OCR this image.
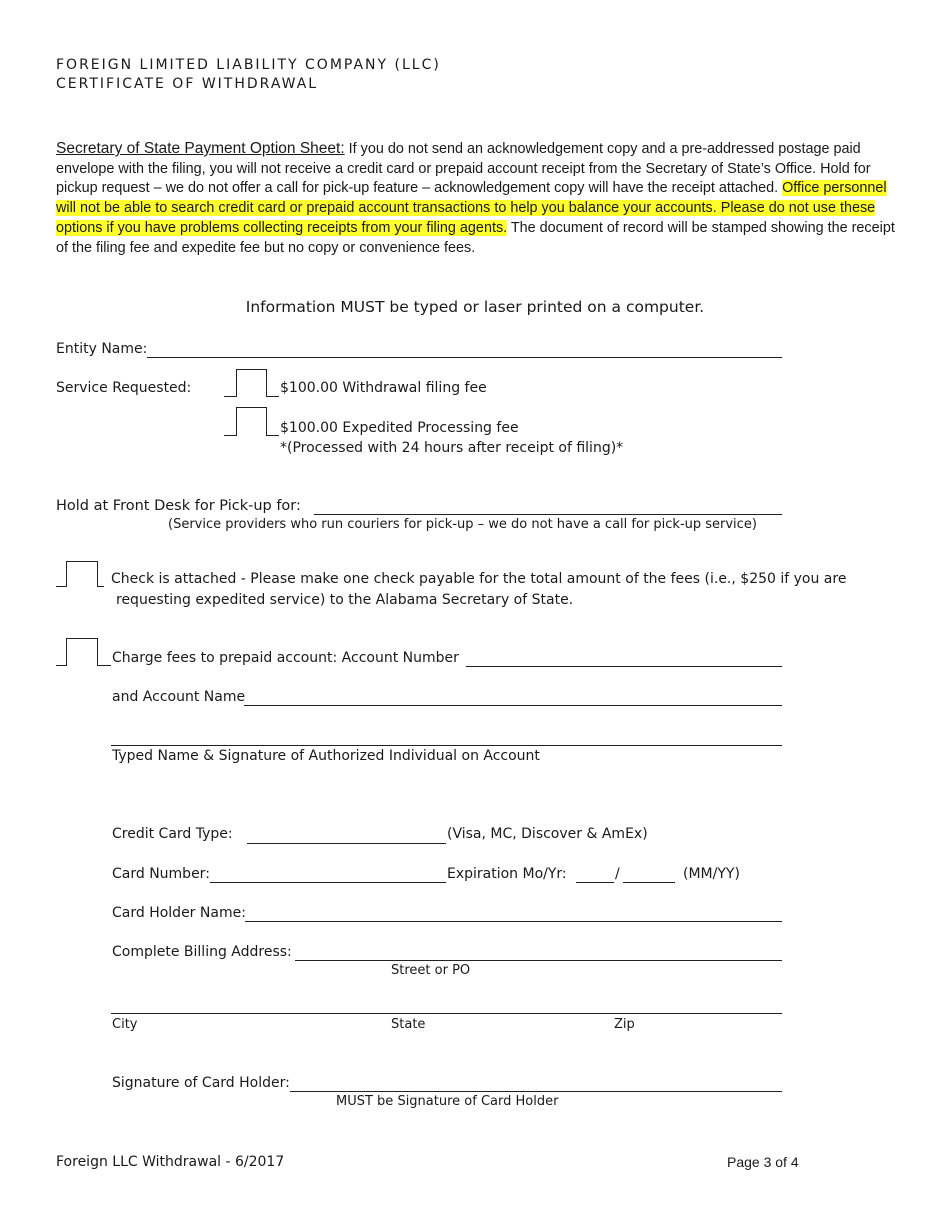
FOREIGN LIMITED LIABILITY COMPANY (LLC)
CERTIFICATE OF WITHDRAWAL
Secretary of State Payment Option Sheet: If you do not send an acknowledgement copy and a pre-addressed postage paid envelope with the filing, you will not receive a credit card or prepaid account receipt from the Secretary of State’s Office. Hold for pickup request – we do not offer a call for pick-up feature – acknowledgement copy will have the receipt attached. Office personnel will not be able to search credit card or prepaid account transactions to help you balance your accounts. Please do not use these options if you have problems collecting receipts from your filing agents. The document of record will be stamped showing the receipt of the filing fee and expedite fee but no copy or convenience fees.
Information MUST be typed or laser printed on a computer.
Entity Name:
Service Requested:	$100.00 Withdrawal filing fee
$100.00 Expedited Processing fee
*(Processed with 24 hours after receipt of filing)*
Hold at Front Desk for Pick-up for:
(Service providers who run couriers for pick-up – we do not have a call for pick-up service)
Check is attached - Please make one check payable for the total amount of the fees (i.e., $250 if you are
requesting expedited service) to the Alabama Secretary of State.
Charge fees to prepaid account: Account Number
and Account Name
Typed Name & Signature of Authorized Individual on Account
Credit Card Type:	(Visa, MC, Discover & AmEx)
Card Number:	Expiration Mo/Yr:	/	(MM/YY)
Card Holder Name:
Complete Billing Address:
Street or PO
City	State	Zip
Signature of Card Holder:
MUST be Signature of Card Holder
Foreign LLC Withdrawal - 6/2017	Page 3 of 4
